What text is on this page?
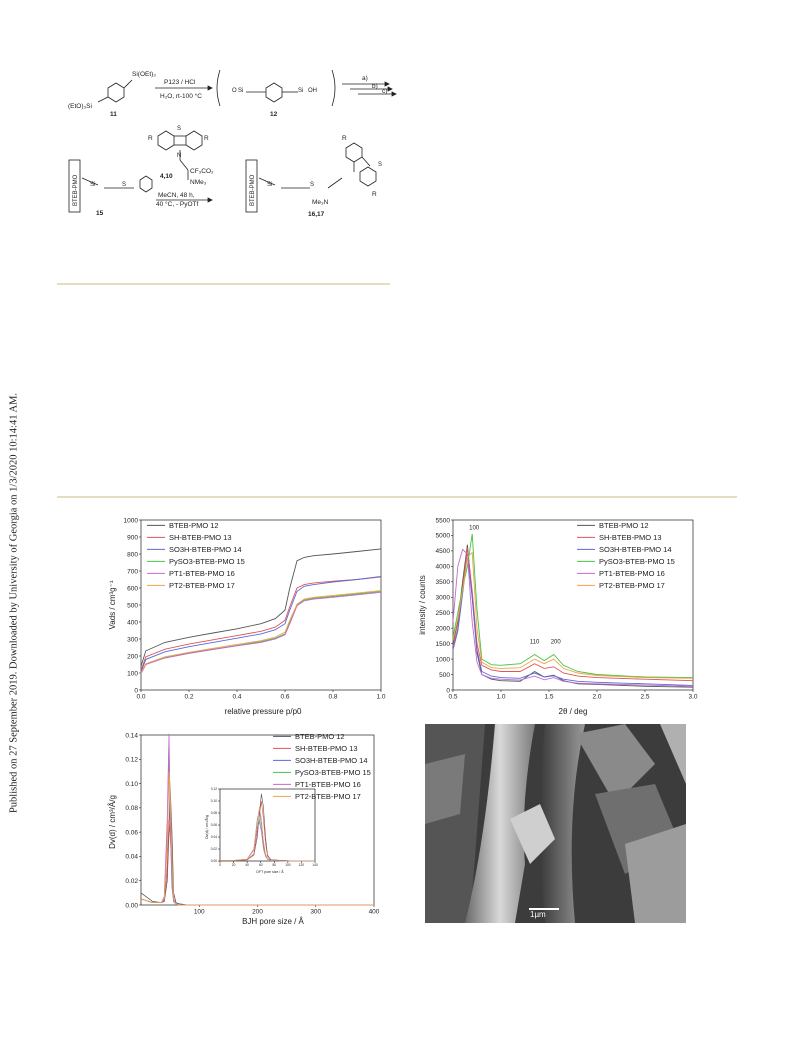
Published on 27 September 2019. Downloaded by University of Georgia on 1/3/2020 10:14:41 AM.
Si(OEt)₃
(EtO)₃Si
11
P123 / HCl
H₂O, rt-100 °C
O Si	Si OH
12
a)
b)
c)
R	R
S
N
CF₃CO₂
NMe₃
4,10
MeCN, 48 h,
40 °C, - PyOTf
BTEB-PMO	BTEB-PMO
Si	S	Si	S
15
Me₃N
16,17
R
R
S
0.0	0.2	0.4	0.6	0.8	1.0
0
100
200
300
400
500
600
700
800
900
1000
BTEB-PMO 12
SH-BTEB-PMO 13
SO3H-BTEB-PMO 14
PySO3-BTEB-PMO 15
PT1-BTEB-PMO 16
PT2-BTEB-PMO 17
relative pressure p/p0
Vads / cm³g⁻¹
0.5	1.0	1.5	2.0	2.5	3.0
0
500
1000
1500
2000
2500
3000
3500
4000
4500
5000
5500
BTEB-PMO 12
SH-BTEB-PMO 13
SO3H-BTEB-PMO 14
PySO3-BTEB-PMO 15
PT1-BTEB-PMO 16
PT2-BTEB-PMO 17
100
110 200
2θ / deg
intensity / counts
100	200	300	400
0.00
0.02
0.04
0.06
0.08
0.10
0.12
0.14	BTEB-PMO 12
SH-BTEB-PMO 13
SO3H-BTEB-PMO 14
PySO3-BTEB-PMO 15
PT1-BTEB-PMO 16
PT2-BTEB-PMO 17
0	20	40	60	80	100	120	140
0.00
0.02
0.04
0.06
0.08
0.10
0.12
BJH pore size / Å
Dv(d) / cm³/Å/g
DFT pore size / Å
Dv(d) / cm³/Å/g
1µm
